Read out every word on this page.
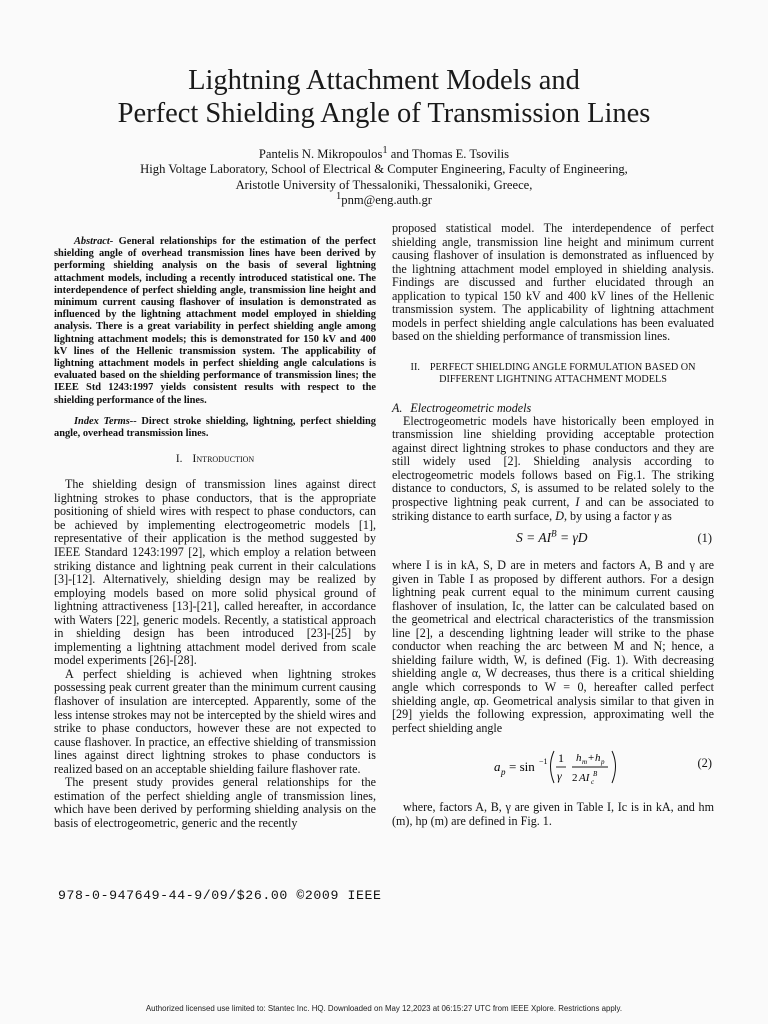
Lightning Attachment Models and
Perfect Shielding Angle of Transmission Lines
Pantelis N. Mikropoulos$^1$ and Thomas E. Tsovilis
High Voltage Laboratory, School of Electrical & Computer Engineering, Faculty of Engineering,
Aristotle University of Thessaloniki, Thessaloniki, Greece,
$^1$pnm@eng.auth.gr

Abstract- General relationships for the estimation of the perfect shielding angle of overhead transmission lines have been derived by performing shielding analysis on the basis of several lightning attachment models, including a recently introduced statistical one. The interdependence of perfect shielding angle, transmission line height and minimum current causing flashover of insulation is demonstrated as influenced by the lightning attachment model employed in shielding analysis. There is a great variability in perfect shielding angle among lightning attachment models; this is demonstrated for 150 kV and 400 kV lines of the Hellenic transmission system. The applicability of lightning attachment models in perfect shielding angle calculations is evaluated based on the shielding performance of transmission lines; the IEEE Std 1243:1997 yields consistent results with respect to the shielding performance of the lines.

Index Terms-- Direct stroke shielding, lightning, perfect shielding angle, overhead transmission lines.

I. Introduction

The shielding design of transmission lines against direct lightning strokes to phase conductors, that is the appropriate positioning of shield wires with respect to phase conductors, can be achieved by implementing electrogeometric models [1], representative of their application is the method suggested by IEEE Standard 1243:1997 [2], which employ a relation between striking distance and lightning peak current in their calculations [3]-[12]. Alternatively, shielding design may be realized by employing models based on more solid physical ground of lightning attractiveness [13]-[21], called hereafter, in accordance with Waters [22], generic models. Recently, a statistical approach in shielding design has been introduced [23]-[25] by implementing a lightning attachment model derived from scale model experiments [26]-[28].

A perfect shielding is achieved when lightning strokes possessing peak current greater than the minimum current causing flashover of insulation are intercepted. Apparently, some of the less intense strokes may not be intercepted by the shield wires and strike to phase conductors, however these are not expected to cause flashover. In practice, an effective shielding of transmission lines against direct lightning strokes to phase conductors is realized based on an acceptable shielding failure flashover rate.

The present study provides general relationships for the estimation of the perfect shielding angle of transmission lines, which have been derived by performing shielding analysis on the basis of electrogeometric, generic and the recently

proposed statistical model. The interdependence of perfect shielding angle, transmission line height and minimum current causing flashover of insulation is demonstrated as influenced by the lightning attachment model employed in shielding analysis. Findings are discussed and further elucidated through an application to typical 150 kV and 400 kV lines of the Hellenic transmission system. The applicability of lightning attachment models in perfect shielding angle calculations has been evaluated based on the shielding performance of transmission lines.

II. PERFECT SHIELDING ANGLE FORMULATION BASED ON
DIFFERENT LIGHTNING ATTACHMENT MODELS

A. Electrogeometric models

Electrogeometric models have historically been employed in transmission line shielding providing acceptable protection against direct lightning strokes to phase conductors and they are still widely used [2]. Shielding analysis according to electrogeometric models follows based on Fig.1. The striking distance to conductors, S, is assumed to be related solely to the prospective lightning peak current, I and can be associated to striking distance to earth surface, D, by using a factor γ as

$S = AI^B = \gamma D$	(1)

where I is in kA, S, D are in meters and factors A, B and γ are given in Table I as proposed by different authors. For a design lightning peak current equal to the minimum current causing flashover of insulation, Ic, the latter can be calculated based on the geometrical and electrical characteristics of the transmission line [2], a descending lightning leader will strike to the phase conductor when reaching the arc between M and N; hence, a shielding failure width, W, is defined (Fig. 1). With decreasing shielding angle α, W decreases, thus there is a critical shielding angle which corresponds to W = 0, hereafter called perfect shielding angle, αp. Geometrical analysis similar to that given in [29] yields the following expression, approximating well the perfect shielding angle

a p = sin −1 1
γ
h m + h p
2 AI c
B
(2)

where, factors A, B, γ are given in Table I, Ic is in kA, and hm (m), hp (m) are defined in Fig. 1.

978-0-947649-44-9/09/$26.00 ©2009 IEEE
Authorized licensed use limited to: Stantec Inc. HQ. Downloaded on May 12,2023 at 06:15:27 UTC from IEEE Xplore. Restrictions apply.
